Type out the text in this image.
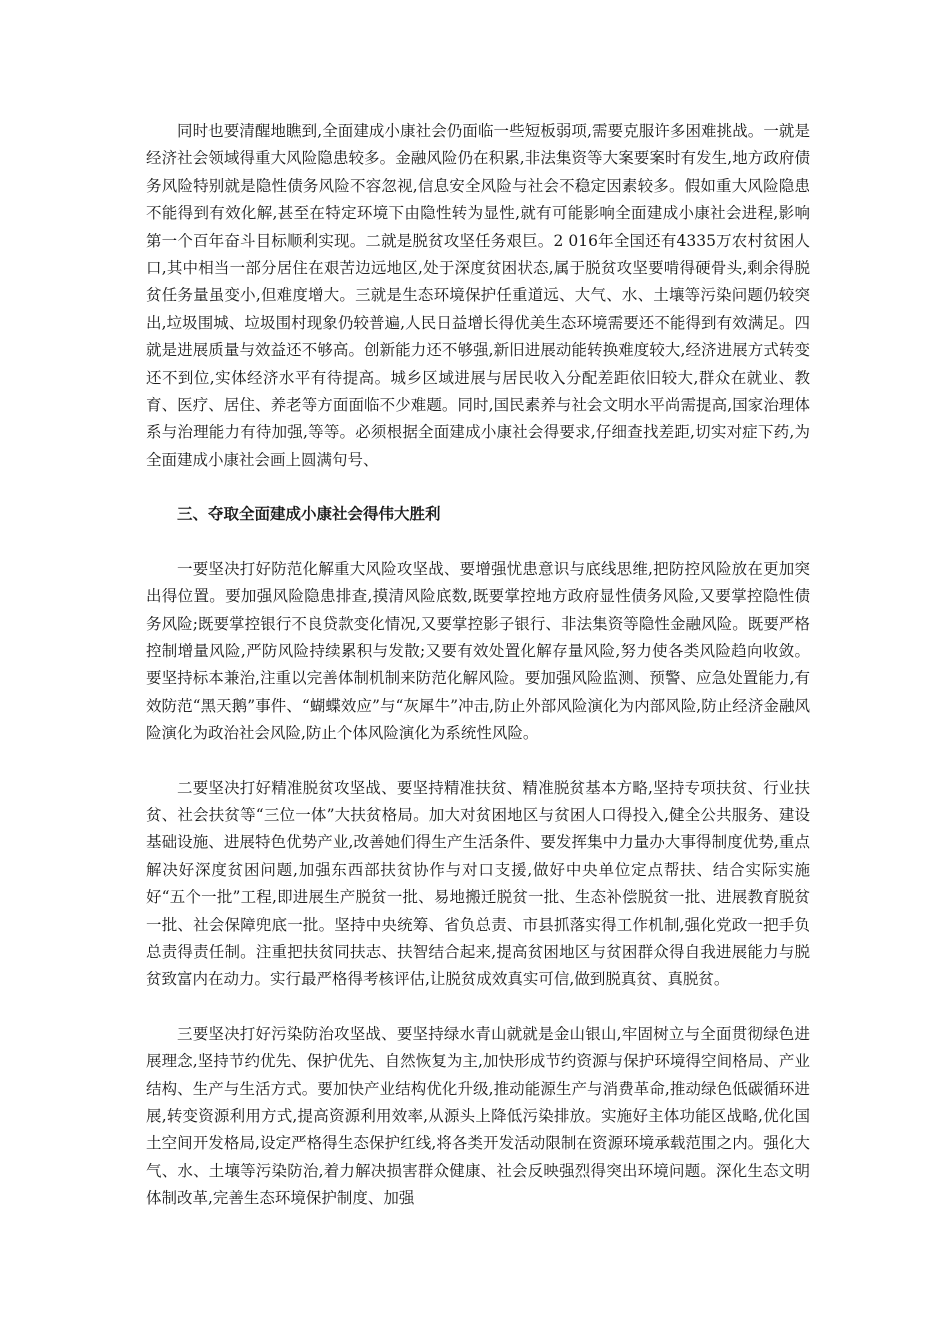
同时也要清醒地瞧到,全面建成小康社会仍面临一些短板弱项,需要克服许多困难挑战。一就是经济社会领域得重大风险隐患较多。金融风险仍在积累,非法集资等大案要案时有发生,地方政府债务风险特别就是隐性债务风险不容忽视,信息安全风险与社会不稳定因素较多。假如重大风险隐患不能得到有效化解,甚至在特定环境下由隐性转为显性,就有可能影响全面建成小康社会进程,影响第一个百年奋斗目标顺利实现。二就是脱贫攻坚任务艰巨。2 016年全国还有4335万农村贫困人口,其中相当一部分居住在艰苦边远地区,处于深度贫困状态,属于脱贫攻坚要啃得硬骨头,剩余得脱贫任务量虽变小,但难度增大。三就是生态环境保护任重道远、大气、水、土壤等污染问题仍较突出,垃圾围城、垃圾围村现象仍较普遍,人民日益增长得优美生态环境需要还不能得到有效满足。四就是进展质量与效益还不够高。创新能力还不够强,新旧进展动能转换难度较大,经济进展方式转变还不到位,实体经济水平有待提高。城乡区域进展与居民收入分配差距依旧较大,群众在就业、教育、医疗、居住、养老等方面面临不少难题。同时,国民素养与社会文明水平尚需提高,国家治理体系与治理能力有待加强,等等。必须根据全面建成小康社会得要求,仔细查找差距,切实对症下药,为全面建成小康社会画上圆满句号、

三、夺取全面建成小康社会得伟大胜利

一要坚决打好防范化解重大风险攻坚战、要增强忧患意识与底线思维,把防控风险放在更加突出得位置。要加强风险隐患排查,摸清风险底数,既要掌控地方政府显性债务风险,又要掌控隐性债务风险;既要掌控银行不良贷款变化情况,又要掌控影子银行、非法集资等隐性金融风险。既要严格控制增量风险,严防风险持续累积与发散;又要有效处置化解存量风险,努力使各类风险趋向收敛。要坚持标本兼治,注重以完善体制机制来防范化解风险。要加强风险监测、预警、应急处置能力,有效防范“黑天鹅”事件、“蝴蝶效应”与“灰犀牛”冲击,防止外部风险演化为内部风险,防止经济金融风险演化为政治社会风险,防止个体风险演化为系统性风险。

二要坚决打好精准脱贫攻坚战、要坚持精准扶贫、精准脱贫基本方略,坚持专项扶贫、行业扶贫、社会扶贫等“三位一体”大扶贫格局。加大对贫困地区与贫困人口得投入,健全公共服务、建设基础设施、进展特色优势产业,改善她们得生产生活条件、要发挥集中力量办大事得制度优势,重点解决好深度贫困问题,加强东西部扶贫协作与对口支援,做好中央单位定点帮扶、结合实际实施好“五个一批”工程,即进展生产脱贫一批、易地搬迁脱贫一批、生态补偿脱贫一批、进展教育脱贫一批、社会保障兜底一批。坚持中央统筹、省负总责、市县抓落实得工作机制,强化党政一把手负总责得责任制。注重把扶贫同扶志、扶智结合起来,提高贫困地区与贫困群众得自我进展能力与脱贫致富内在动力。实行最严格得考核评估,让脱贫成效真实可信,做到脱真贫、真脱贫。

三要坚决打好污染防治攻坚战、要坚持绿水青山就就是金山银山,牢固树立与全面贯彻绿色进展理念,坚持节约优先、保护优先、自然恢复为主,加快形成节约资源与保护环境得空间格局、产业结构、生产与生活方式。要加快产业结构优化升级,推动能源生产与消费革命,推动绿色低碳循环进展,转变资源利用方式,提高资源利用效率,从源头上降低污染排放。实施好主体功能区战略,优化国土空间开发格局,设定严格得生态保护红线,将各类开发活动限制在资源环境承载范围之内。强化大气、水、土壤等污染防治,着力解决损害群众健康、社会反映强烈得突出环境问题。深化生态文明体制改革,完善生态环境保护制度、加强
